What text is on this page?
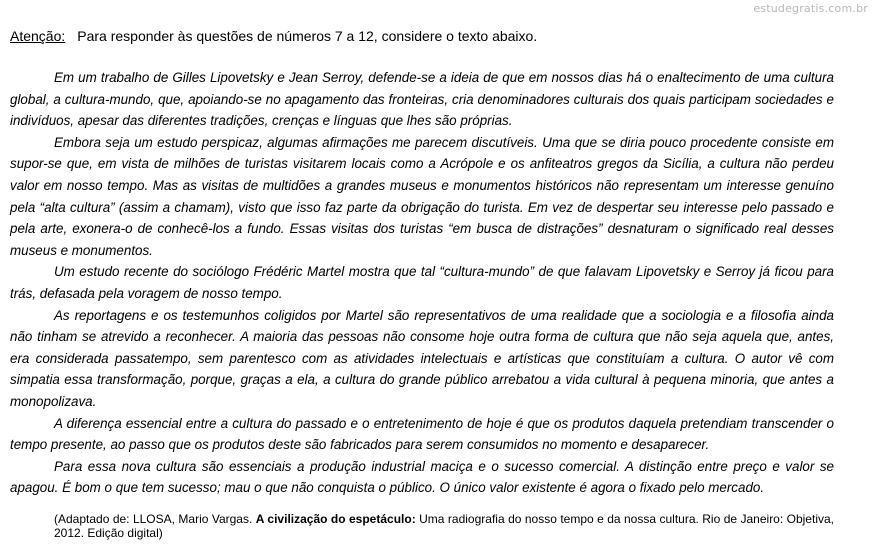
estudegratis.com.br
Atenção: Para responder às questões de números 7 a 12, considere o texto abaixo.

Em um trabalho de Gilles Lipovetsky e Jean Serroy, defende-se a ideia de que em nossos dias há o enaltecimento de uma cultura global, a cultura-mundo, que, apoiando-se no apagamento das fronteiras, cria denominadores culturais dos quais participam sociedades e indivíduos, apesar das diferentes tradições, crenças e línguas que lhes são próprias.

Embora seja um estudo perspicaz, algumas afirmações me parecem discutíveis. Uma que se diria pouco procedente consiste em supor-se que, em vista de milhões de turistas visitarem locais como a Acrópole e os anfiteatros gregos da Sicília, a cultura não perdeu valor em nosso tempo. Mas as visitas de multidões a grandes museus e monumentos históricos não representam um interesse genuíno pela “alta cultura” (assim a chamam), visto que isso faz parte da obrigação do turista. Em vez de despertar seu interesse pelo passado e pela arte, exonera-o de conhecê-los a fundo. Essas visitas dos turistas “em busca de distrações” desnaturam o significado real desses museus e monumentos.

Um estudo recente do sociólogo Frédéric Martel mostra que tal “cultura-mundo” de que falavam Lipovetsky e Serroy já ficou para trás, defasada pela voragem de nosso tempo.

As reportagens e os testemunhos coligidos por Martel são representativos de uma realidade que a sociologia e a filosofia ainda não tinham se atrevido a reconhecer. A maioria das pessoas não consome hoje outra forma de cultura que não seja aquela que, antes, era considerada passatempo, sem parentesco com as atividades intelectuais e artísticas que constituíam a cultura. O autor vê com simpatia essa transformação, porque, graças a ela, a cultura do grande público arrebatou a vida cultural à pequena minoria, que antes a monopolizava.

A diferença essencial entre a cultura do passado e o entretenimento de hoje é que os produtos daquela pretendiam transcender o tempo presente, ao passo que os produtos deste são fabricados para serem consumidos no momento e desaparecer.

Para essa nova cultura são essenciais a produção industrial maciça e o sucesso comercial. A distinção entre preço e valor se apagou. É bom o que tem sucesso; mau o que não conquista o público. O único valor existente é agora o fixado pelo mercado.

(Adaptado de: LLOSA, Mario Vargas. A civilização do espetáculo: Uma radiografia do nosso tempo e da nossa cultura. Rio de Janeiro: Objetiva, 2012. Edição digital)
